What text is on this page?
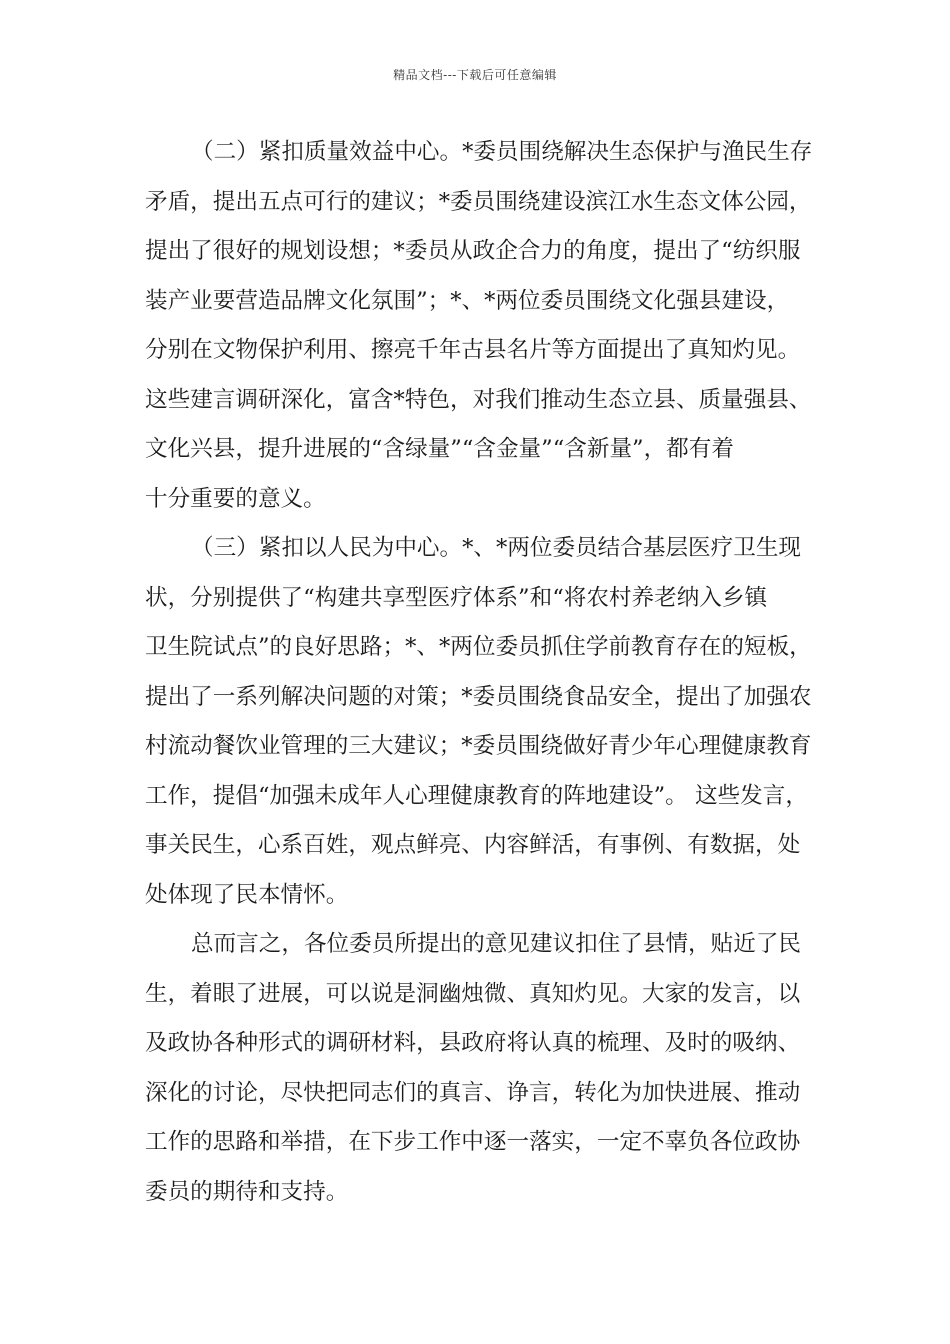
精品文档---下载后可任意编辑
（二）紧扣质量效益中心。*委员围绕解决生态保护与渔民生存
矛盾，提出五点可行的建议；*委员围绕建设滨江水生态文体公园，
提出了很好的规划设想；*委员从政企合力的角度，提出了“纺织服
装产业要营造品牌文化氛围”；*、*两位委员围绕文化强县建设，
分别在文物保护利用、擦亮千年古县名片等方面提出了真知灼见。
这些建言调研深化，富含*特色，对我们推动生态立县、质量强县、
文化兴县，提升进展的“含绿量”“含金量”“含新量”，都有着
十分重要的意义。
（三）紧扣以人民为中心。*、*两位委员结合基层医疗卫生现
状，分别提供了“构建共享型医疗体系”和“将农村养老纳入乡镇
卫生院试点”的良好思路；*、*两位委员抓住学前教育存在的短板，
提出了一系列解决问题的对策；*委员围绕食品安全，提出了加强农
村流动餐饮业管理的三大建议；*委员围绕做好青少年心理健康教育
工作，提倡“加强未成年人心理健康教育的阵地建设”。 这些发言，
事关民生，心系百姓，观点鲜亮、内容鲜活，有事例、有数据，处
处体现了民本情怀。
总而言之，各位委员所提出的意见建议扣住了县情，贴近了民
生，着眼了进展，可以说是洞幽烛微、真知灼见。大家的发言，以
及政协各种形式的调研材料，县政府将认真的梳理、及时的吸纳、
深化的讨论，尽快把同志们的真言、诤言，转化为加快进展、推动
工作的思路和举措，在下步工作中逐一落实，一定不辜负各位政协
委员的期待和支持。
